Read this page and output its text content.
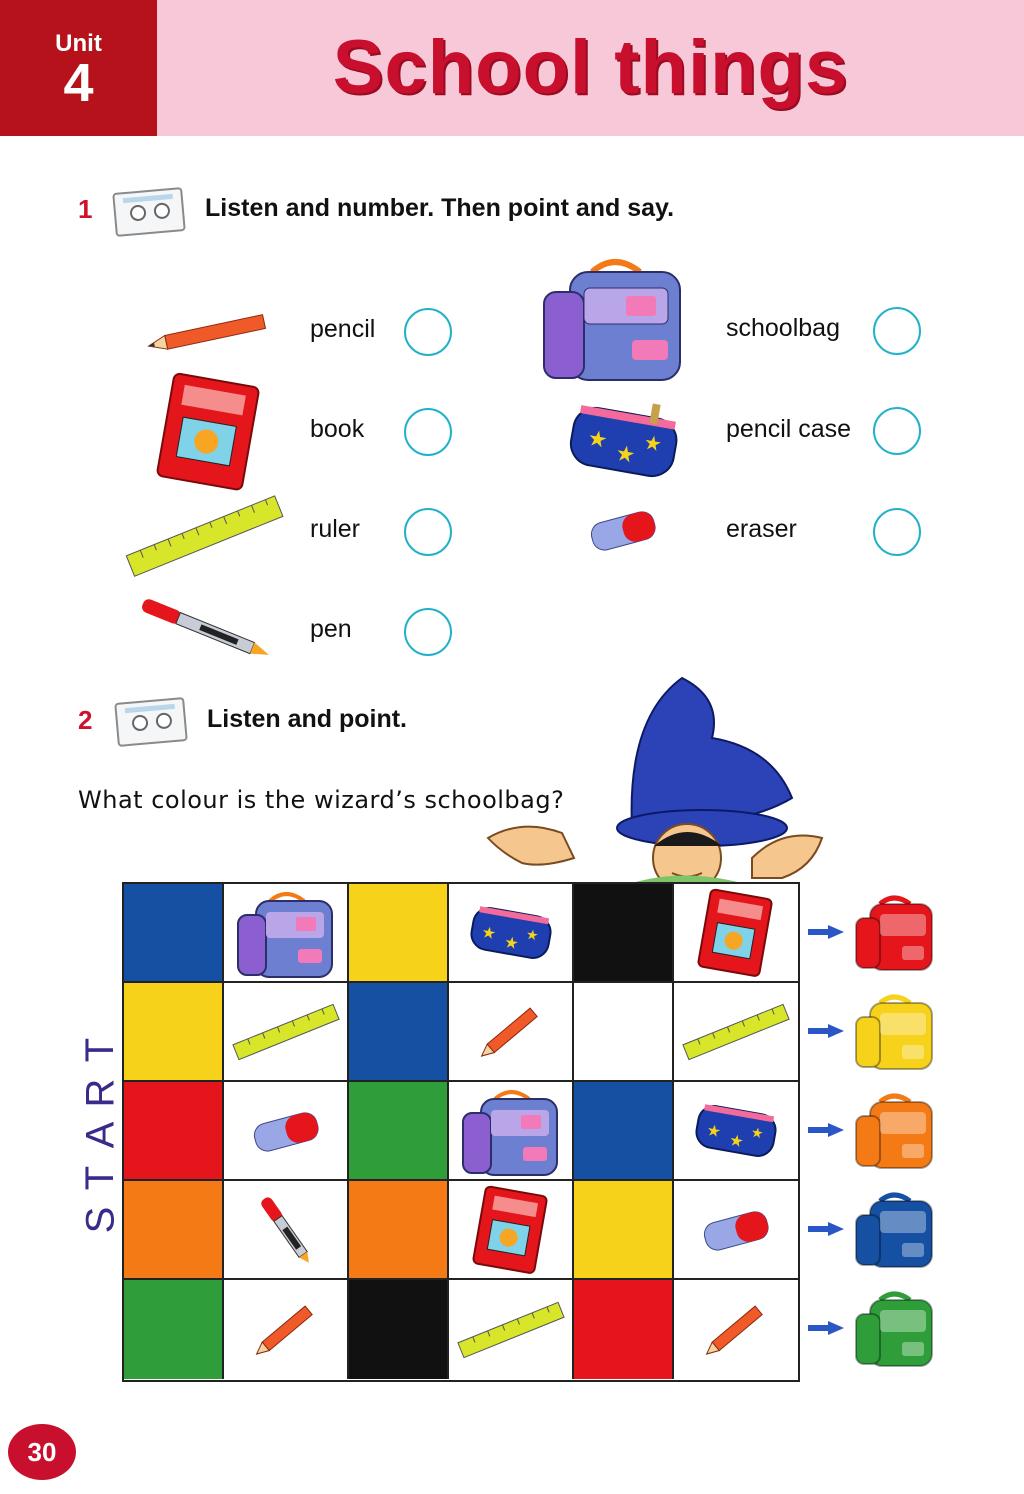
Unit
4	School things
1	Listen and number. Then point and say.
pencil
book
ruler
pen
schoolbag
★
★ ★
pencil case
eraser
2	Listen and point.
What colour is the wizard’s schoolbag?
T
R
A
T
S
★ ★ ★
★ ★ ★
30
